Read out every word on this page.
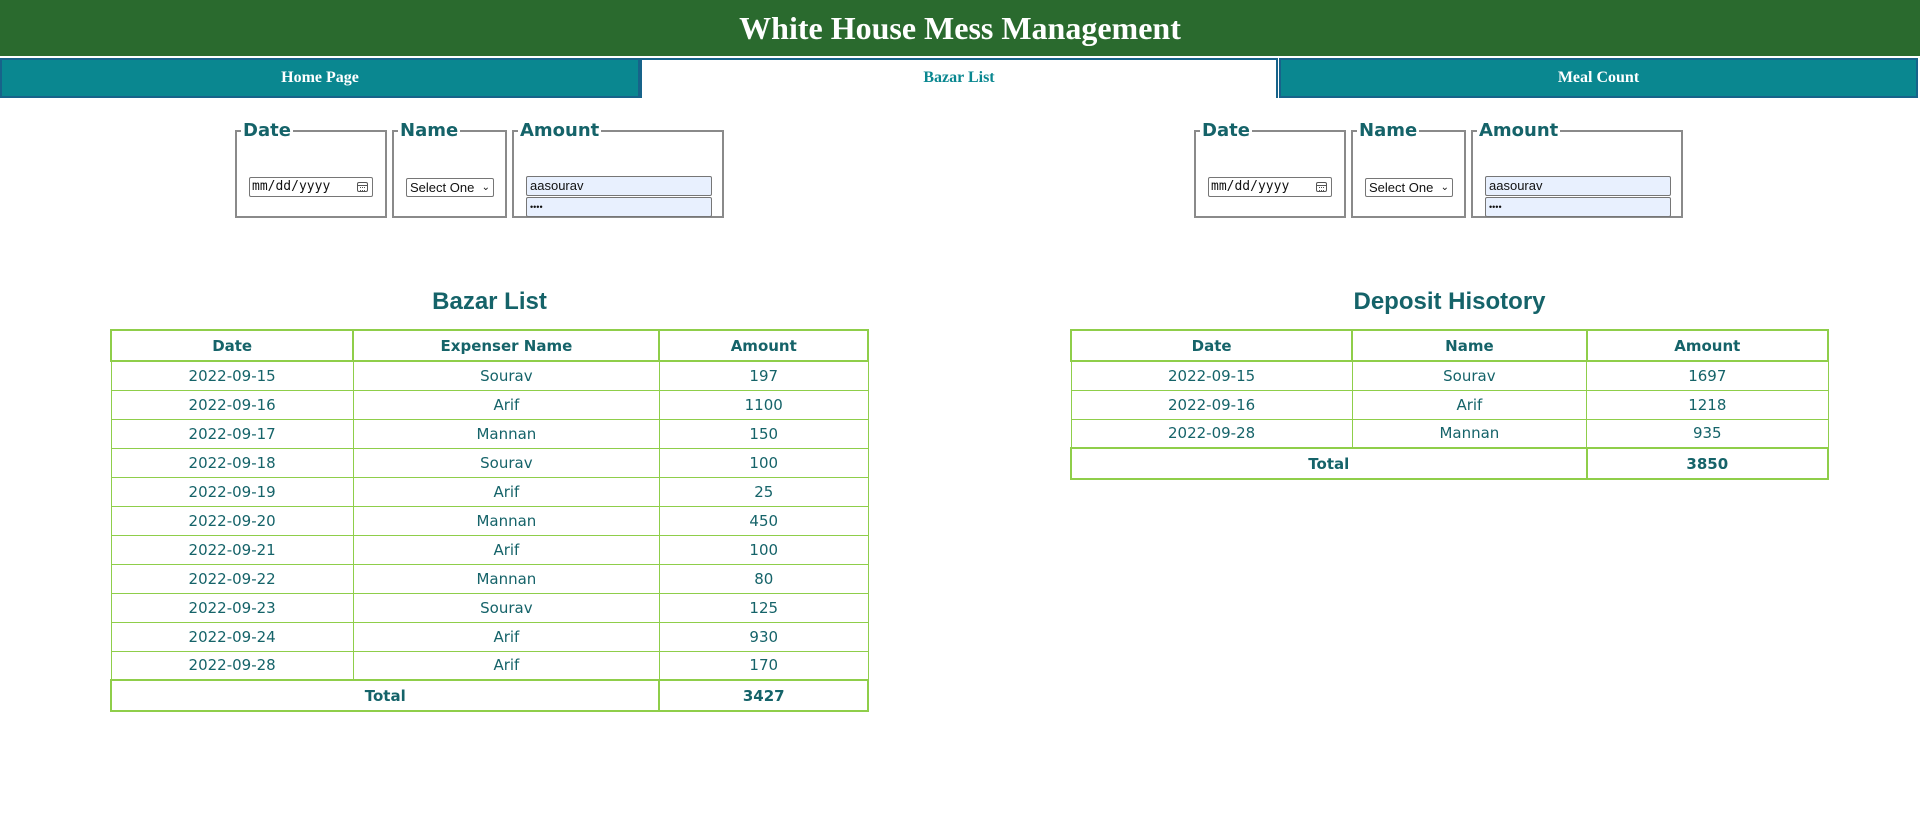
White House Mess Management
Home Page	Bazar List	Meal Count
Date
mm/dd/yyyy
Name
Select One ⌄
Amount
aasourav
••••
Date
mm/dd/yyyy
Name
Select One ⌄
Amount
aasourav
••••
Bazar List	Deposit Hisotory
Date	Expenser Name	Amount
2022-09-15	Sourav	197
2022-09-16	Arif	1100
2022-09-17	Mannan	150
2022-09-18	Sourav	100
2022-09-19	Arif	25
2022-09-20	Mannan	450
2022-09-21	Arif	100
2022-09-22	Mannan	80
2022-09-23	Sourav	125
2022-09-24	Arif	930
2022-09-28	Arif	170
Total		3427
Date	Name	Amount
2022-09-15	Sourav	1697
2022-09-16	Arif	1218
2022-09-28	Mannan	935
Total		3850
